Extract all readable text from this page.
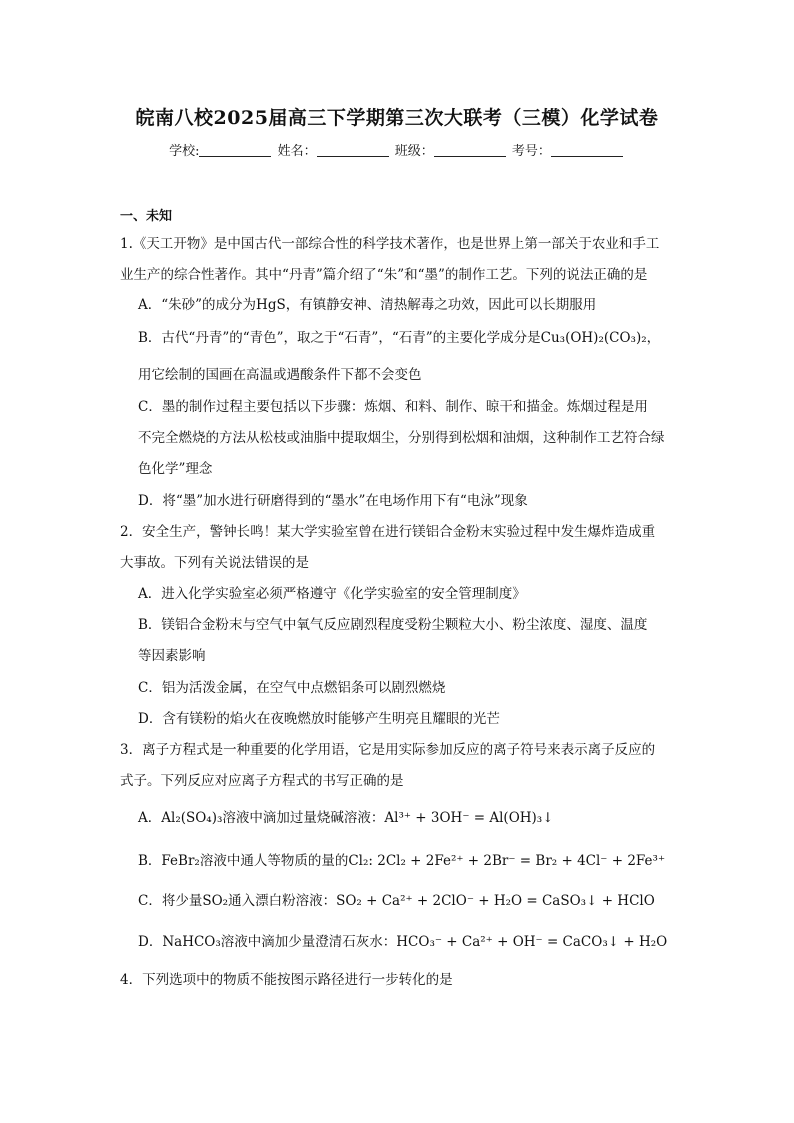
皖南八校2025届高三下学期第三次大联考（三模）化学试卷
学校:	姓名：	班级：	考号：
一、未知
1.《天工开物》是中国古代一部综合性的科学技术著作，也是世界上第一部关于农业和手工
业生产的综合性著作。其中“丹青”篇介绍了“朱”和“墨”的制作工艺。下列的说法正确的是
A．“朱砂”的成分为HgS，有镇静安神、清热解毒之功效，因此可以长期服用
B．古代“丹青”的“青色”，取之于“石青”，“石青”的主要化学成分是Cu₃(OH)₂(CO₃)₂，
用它绘制的国画在高温或遇酸条件下都不会变色
C．墨的制作过程主要包括以下步骤：炼烟、和料、制作、晾干和描金。炼烟过程是用
不完全燃烧的方法从松枝或油脂中提取烟尘，分别得到松烟和油烟，这种制作工艺符合绿
色化学”理念
D．将“墨”加水进行研磨得到的“墨水”在电场作用下有“电泳”现象
2．安全生产，警钟长鸣！某大学实验室曾在进行镁铝合金粉末实验过程中发生爆炸造成重
大事故。下列有关说法错误的是
A．进入化学实验室必须严格遵守《化学实验室的安全管理制度》
B．镁铝合金粉末与空气中氧气反应剧烈程度受粉尘颗粒大小、粉尘浓度、湿度、温度
等因素影响
C．铝为活泼金属，在空气中点燃铝条可以剧烈燃烧
D．含有镁粉的焰火在夜晚燃放时能够产生明亮且耀眼的光芒
3．离子方程式是一种重要的化学用语，它是用实际参加反应的离子符号来表示离子反应的
式子。下列反应对应离子方程式的书写正确的是
A．Al₂(SO₄)₃溶液中滴加过量烧碱溶液：Al³⁺ + 3OH⁻ = Al(OH)₃↓
B．FeBr₂溶液中通人等物质的量的Cl₂: 2Cl₂ + 2Fe²⁺ + 2Br⁻ = Br₂ + 4Cl⁻ + 2Fe³⁺
C．将少量SO₂通入漂白粉溶液：SO₂ + Ca²⁺ + 2ClO⁻ + H₂O = CaSO₃↓ + HClO
D．NaHCO₃溶液中滴加少量澄清石灰水：HCO₃⁻ + Ca²⁺ + OH⁻ = CaCO₃↓ + H₂O
4．下列选项中的物质不能按图示路径进行一步转化的是
